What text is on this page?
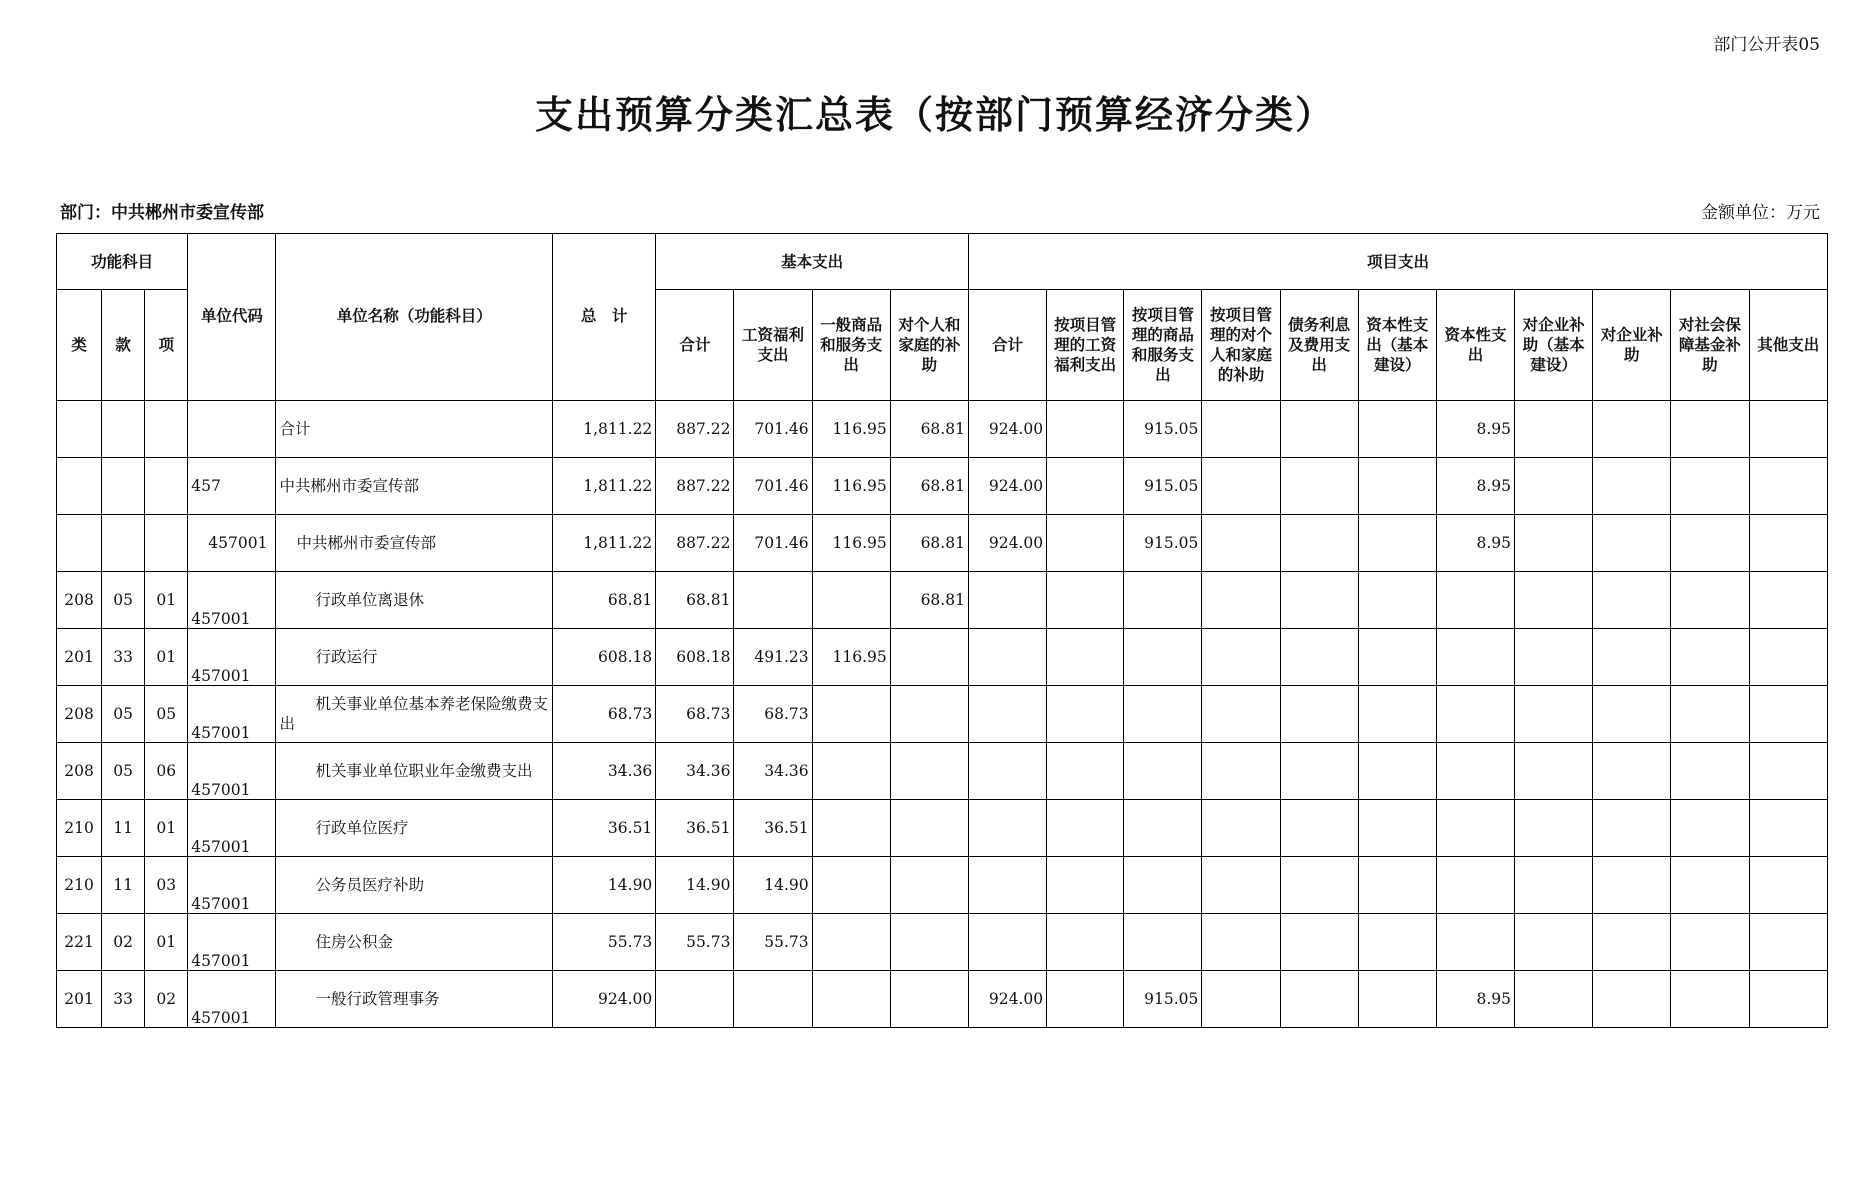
部门公开表05
支出预算分类汇总表（按部门预算经济分类）
部门：中共郴州市委宣传部	金额单位：万元
功能科目			单位代码	单位名称（功能科目）	总　计	基本支出				项目支出										
类	款	项				合计	工资福利支出	一般商品和服务支出	对个人和家庭的补助	合计	按项目管理的工资福利支出	按项目管理的商品和服务支出	按项目管理的对个人和家庭的补助	债务利息及费用支出	资本性支出（基本建设）	资本性支出	对企业补助（基本建设）	对企业补助	对社会保障基金补助	其他支出
				合计	1,811.22	887.22	701.46	116.95	68.81	924.00		915.05				8.95				
			457	中共郴州市委宣传部	1,811.22	887.22	701.46	116.95	68.81	924.00		915.05				8.95				
			457001	中共郴州市委宣传部	1,811.22	887.22	701.46	116.95	68.81	924.00		915.05				8.95				
208	05	01	457001	行政单位离退休	68.81	68.81			68.81											
201	33	01	457001	行政运行	608.18	608.18	491.23	116.95												
208	05	05	457001	机关事业单位基本养老保险缴费支出	68.73	68.73	68.73													
208	05	06	457001	机关事业单位职业年金缴费支出	34.36	34.36	34.36													
210	11	01	457001	行政单位医疗	36.51	36.51	36.51													
210	11	03	457001	公务员医疗补助	14.90	14.90	14.90													
221	02	01	457001	住房公积金	55.73	55.73	55.73													
201	33	02	457001	一般行政管理事务	924.00					924.00		915.05				8.95				
